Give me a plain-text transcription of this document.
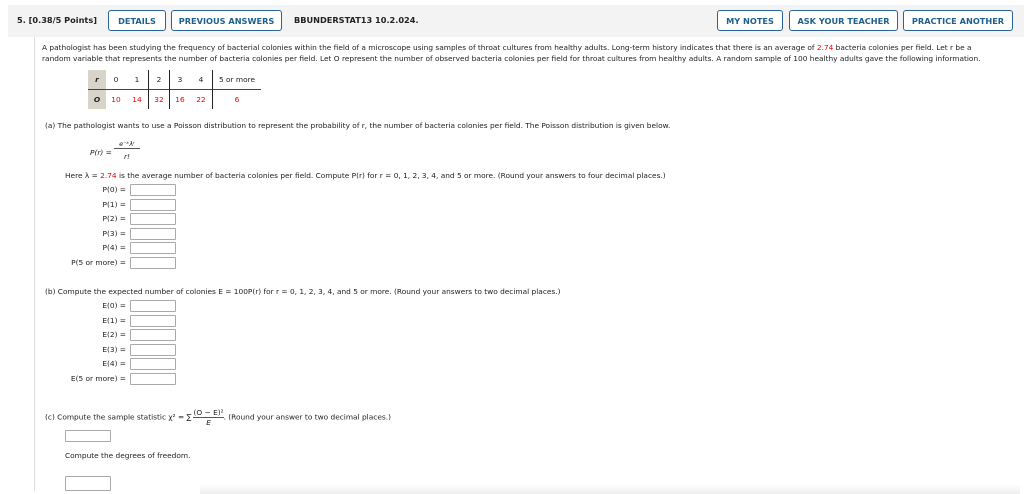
5. [0.38/5 Points]	DETAILS	PREVIOUS ANSWERS	BBUNDERSTAT13 10.2.024.	MY NOTES	ASK YOUR TEACHER	PRACTICE ANOTHER
A pathologist has been studying the frequency of bacterial colonies within the field of a microscope using samples of throat cultures from healthy adults. Long-term history indicates that there is an average of 2.74 bacteria colonies per field. Let r be a
random variable that represents the number of bacteria colonies per field. Let O represent the number of observed bacteria colonies per field for throat cultures from healthy adults. A random sample of 100 healthy adults gave the following information.
r	0	1	2	3	4	5 or more
O	10	14	32	16	22	6
(a) The pathologist wants to use a Poisson distribution to represent the probability of r, the number of bacteria colonies per field. The Poisson distribution is given below.
P(r) =
e⁻ᵏλʳ
r!
Here λ = 2.74 is the average number of bacteria colonies per field. Compute P(r) for r = 0, 1, 2, 3, 4, and 5 or more. (Round your answers to four decimal places.)
P(0) =
P(1) =
P(2) =
P(3) =
P(4) =
P(5 or more) =
(b) Compute the expected number of colonies E = 100P(r) for r = 0, 1, 2, 3, 4, and 5 or more. (Round your answers to two decimal places.)
E(0) =
E(1) =
E(2) =
E(3) =
E(4) =
E(5 or more) =
(c) Compute the sample statistic χ² = ∑ $\frac{\text{(O − E)²}}{E}$ . (Round your answer to two decimal places.)
Compute the degrees of freedom.
